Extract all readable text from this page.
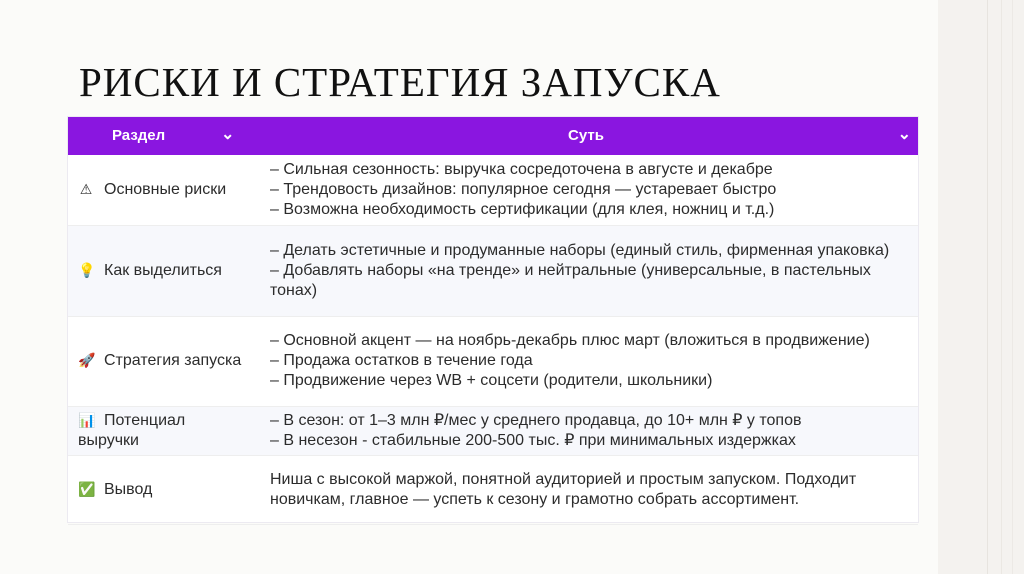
РИСКИ И СТРАТЕГИЯ ЗАПУСКА
Раздел ⌄	Суть ⌄

⚠ Основные риски	– Сильная сезонность: выручка сосредоточена в августе и декабре
– Трендовость дизайнов: популярное сегодня — устаревает быстро
– Возможна необходимость сертификации (для клея, ножниц и т.д.)

💡 Как выделиться	– Делать эстетичные и продуманные наборы (единый стиль, фирменная упаковка)
– Добавлять наборы «на тренде» и нейтральные (универсальные, в пастельных тонах)

🚀 Стратегия запуска	– Основной акцент — на ноябрь-декабрь плюс март (вложиться в продвижение)
– Продажа остатков в течение года
– Продвижение через WB + соцсети (родители, школьники)

📊 Потенциал выручки	– В сезон: от 1–3 млн ₽/мес у среднего продавца, до 10+ млн ₽ у топов
– В несезон - стабильные 200-500 тыс. ₽ при минимальных издержках

✅ Вывод	Ниша с высокой маржой, понятной аудиторией и простым запуском. Подходит новичкам, главное — успеть к сезону и грамотно собрать ассортимент.
